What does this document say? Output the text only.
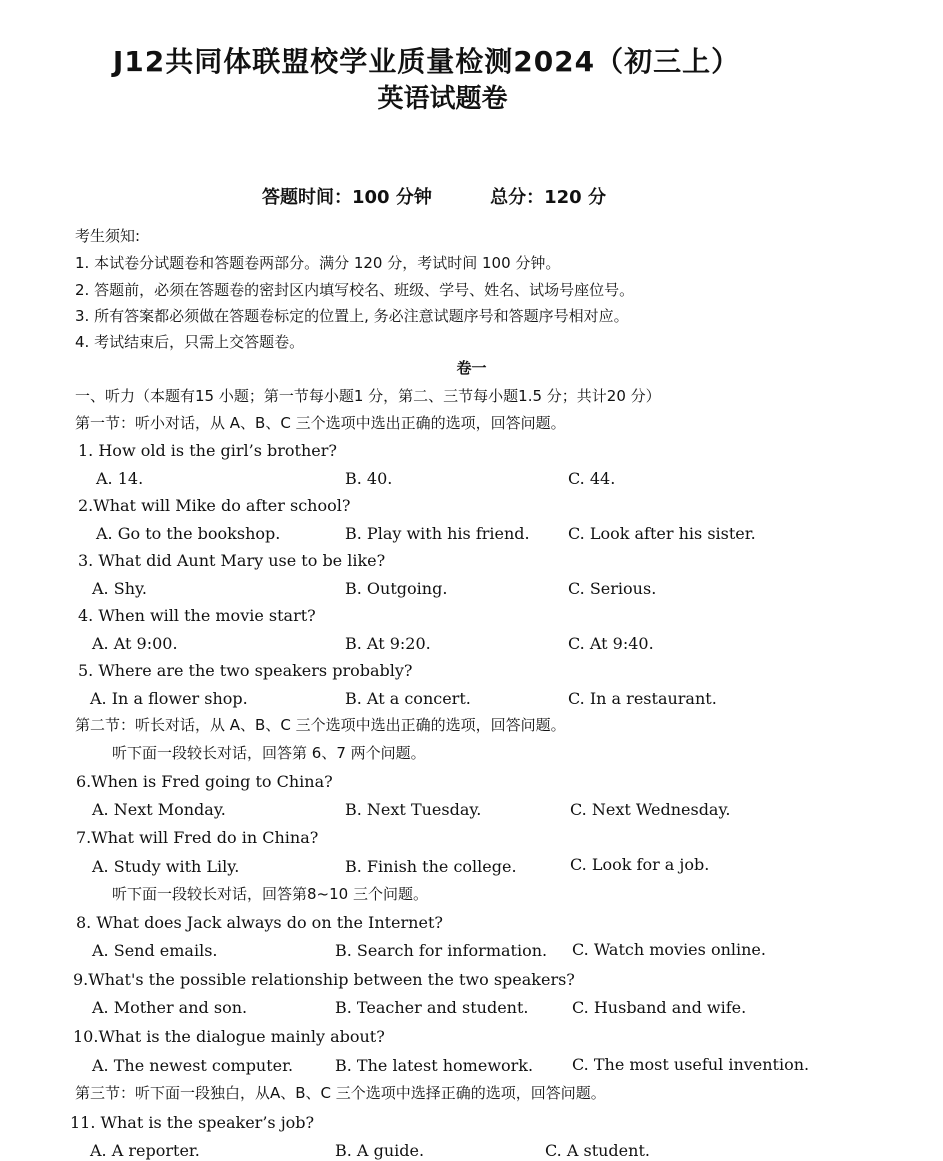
J12共同体联盟校学业质量检测2024（初三上）
英语试题卷
答题时间：100 分钟	总分：120 分
考生须知:
1. 本试卷分试题卷和答题卷两部分。满分 120 分，考试时间 100 分钟。
2. 答题前，必须在答题卷的密封区内填写校名、班级、学号、姓名、试场号座位号。
3. 所有答案都必须做在答题卷标定的位置上, 务必注意试题序号和答题序号相对应。
4. 考试结束后，只需上交答题卷。
卷一
一、听力（本题有15 小题；第一节每小题1 分，第二、三节每小题1.5 分；共计20 分）
第一节：听小对话，从 A、B、C 三个选项中选出正确的选项，回答问题。
1. How old is the girl’s brother?
A. 14.	B. 40.	C. 44.
2.What will Mike do after school?
A. Go to the bookshop.	B. Play with his friend. C. Look after his sister.
3. What did Aunt Mary use to be like?
A. Shy.	B. Outgoing.	C. Serious.
4. When will the movie start?
A. At 9:00.	B. At 9:20.	C. At 9:40.
5. Where are the two speakers probably?
A. In a flower shop.	B. At a concert.	C. In a restaurant.
第二节：听长对话，从 A、B、C 三个选项中选出正确的选项，回答问题。
听下面一段较长对话，回答第 6、7 两个问题。
6.When is Fred going to China?
A. Next Monday.	B. Next Tuesday.	C. Next Wednesday.
7.What will Fred do in China?
A. Study with Lily.	B. Finish the college.	C. Look for a job.
听下面一段较长对话，回答第8~10 三个问题。
8. What does Jack always do on the Internet?
A. Send emails.	B. Search for information. C. Watch movies online.
9.What's the possible relationship between the two speakers?
A. Mother and son.	B. Teacher and student.	C. Husband and wife.
10.What is the dialogue mainly about?
A. The newest computer.	B. The latest homework. C. The most useful invention.
第三节：听下面一段独白，从A、B、C 三个选项中选择正确的选项，回答问题。
11. What is the speaker’s job?
A. A reporter.	B. A guide.	C. A student.
